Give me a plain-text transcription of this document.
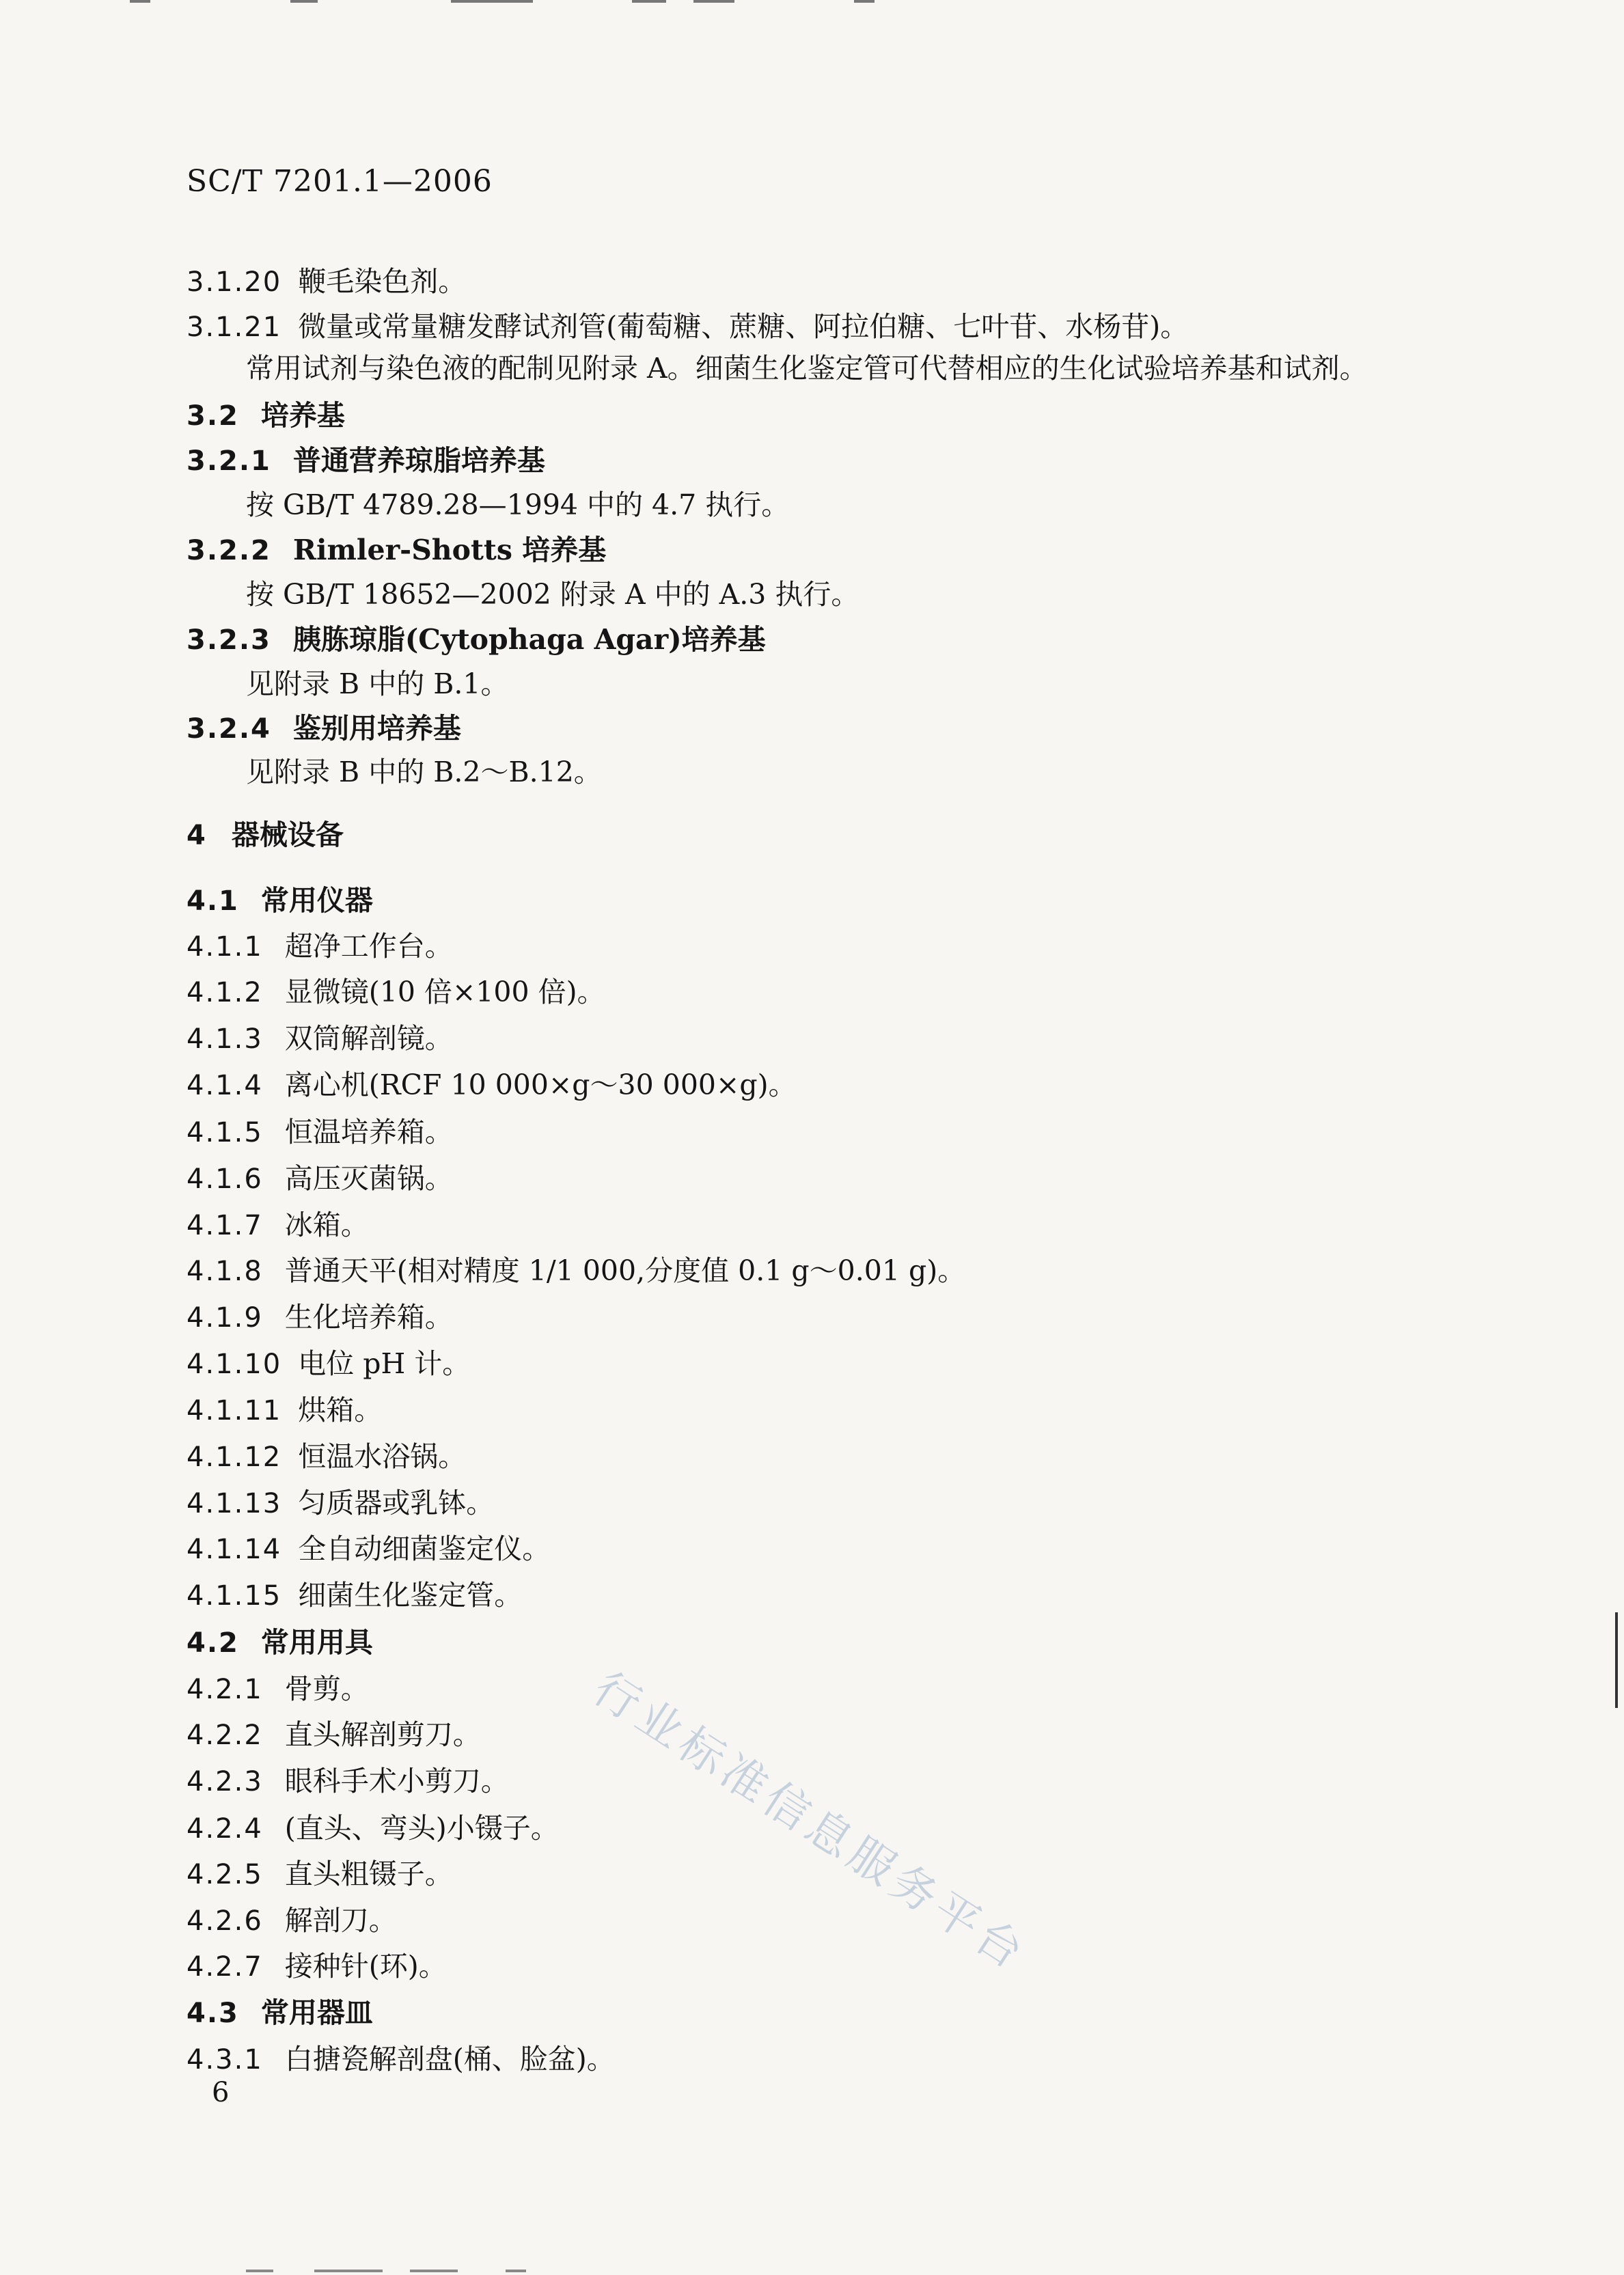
SC/T 7201.1—2006
3.1.20 鞭毛染色剂。
3.1.21 微量或常量糖发酵试剂管(葡萄糖、蔗糖、阿拉伯糖、七叶苷、水杨苷)。
常用试剂与染色液的配制见附录 A。细菌生化鉴定管可代替相应的生化试验培养基和试剂。
3.2 培养基
3.2.1 普通营养琼脂培养基
按 GB/T 4789.28—1994 中的 4.7 执行。
3.2.2 Rimler-Shotts 培养基
按 GB/T 18652—2002 附录 A 中的 A.3 执行。
3.2.3 胰胨琼脂(Cytophaga Agar)培养基
见附录 B 中的 B.1。
3.2.4 鉴别用培养基
见附录 B 中的 B.2～B.12。
4 器械设备
4.1 常用仪器
4.1.1 超净工作台。
4.1.2 显微镜(10 倍×100 倍)。
4.1.3 双筒解剖镜。
4.1.4 离心机(RCF 10 000×g～30 000×g)。
4.1.5 恒温培养箱。
4.1.6 高压灭菌锅。
4.1.7 冰箱。
4.1.8 普通天平(相对精度 1/1 000,分度值 0.1 g～0.01 g)。
4.1.9 生化培养箱。
4.1.10 电位 pH 计。
4.1.11 烘箱。
4.1.12 恒温水浴锅。
4.1.13 匀质器或乳钵。
4.1.14 全自动细菌鉴定仪。
4.1.15 细菌生化鉴定管。
4.2 常用用具
4.2.1 骨剪。
4.2.2 直头解剖剪刀。
4.2.3 眼科手术小剪刀。
4.2.4 (直头、弯头)小镊子。
4.2.5 直头粗镊子。
4.2.6 解剖刀。
4.2.7 接种针(环)。
4.3 常用器皿
4.3.1 白搪瓷解剖盘(桶、脸盆)。
行业标准信息服务平台
6
